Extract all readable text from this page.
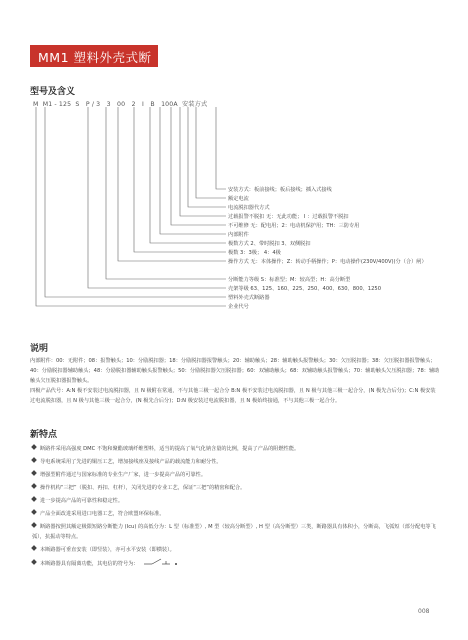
MM1 塑料外壳式断路器
型号及含义
M  M1 - 125  S   P / 3   3   00   2   I   B   100A  安装方式
安装方式：板前接线；板后接线；插入式接线
额定电流
电流脱扣器代方式
过载报警不脱扣 无：无此功能； I ：过载报警不脱扣
不可维修 无：配电用；2：电动机保护用；TH：三防专用
内部附件
极数方式 2、带时脱扣 3、双侧脱扣
极数 3：3极； 4：4极
操作方式 无：本体操作；Z：转动手柄操作；P：电动操作(230V/400V)(分（合）闸）
分断能力等级 S：标准型；M：较高型；H：高分断型
壳架等级 63、125、160、225、250、400、630、800、1250
塑料外壳式断路器
企业代号
说明
内部附件：00：无附件；08：报警触头；10：分励脱扣器；18：分励脱扣器报警触头；20：辅助触头；28：辅助触头报警触头；30：欠压脱扣器；38：欠压脱扣器报警触头；40：分励脱扣器辅助触头；48：分励脱扣器辅助触头报警触头；50：分励脱扣器欠压脱扣器；60：双辅助触头；68：双辅助触头报警触头；70：辅助触头欠压脱扣器；78：辅助触头欠压脱扣器报警触头。
四极产品代号：A:N 极不安装过电流脱扣器，且 N 极附在常通，不与其他三极一起合分 B:N 极不安装过电流脱扣器，且 N 极与其他三极一起合分，(N 极先合后分)；C:N 极安装过电流脱扣器，且 N 极与其他三极一起合分，(N 极先合后分)；D:N 极安装过电流脱扣器，且 N 极始终接通，不与其他三极一起合分。
新特点
断路件采用高强度 DMC 不饱和聚酯玻璃纤维塑料，适当的提高了氧气化钠含量的比例，提高了产品的阻燃性能。
导电系统采用了先进的铜压工艺，增加接线座及接线产品的载流能力和耐分性。
增强型附件通过与国家标准的专业生产厂家，进一步提高产品的可靠性。
操作机构“三把”（脱扣、再扣、杠杆），关闭先进的专业工艺，保证“三把”的精密和配合。
进一步提高产品的可靠性和稳定性。
产品全面改进采用进口电器工艺，符合欧盟环保标准。
断路器按照其额定极限短路分断能力 (Icu) 的高低分为：L 型（标准型）, M 型（较高分断型）, H 型（高分断型）三类，断路器具有体积小，分断高，飞弧短（部分配电等飞弧），抗振动等特点。
本断路器可垂直安装（即竖装），亦可水平安装（即横装）。
本断路器具有隔离功能，其电信的符号为：
008
